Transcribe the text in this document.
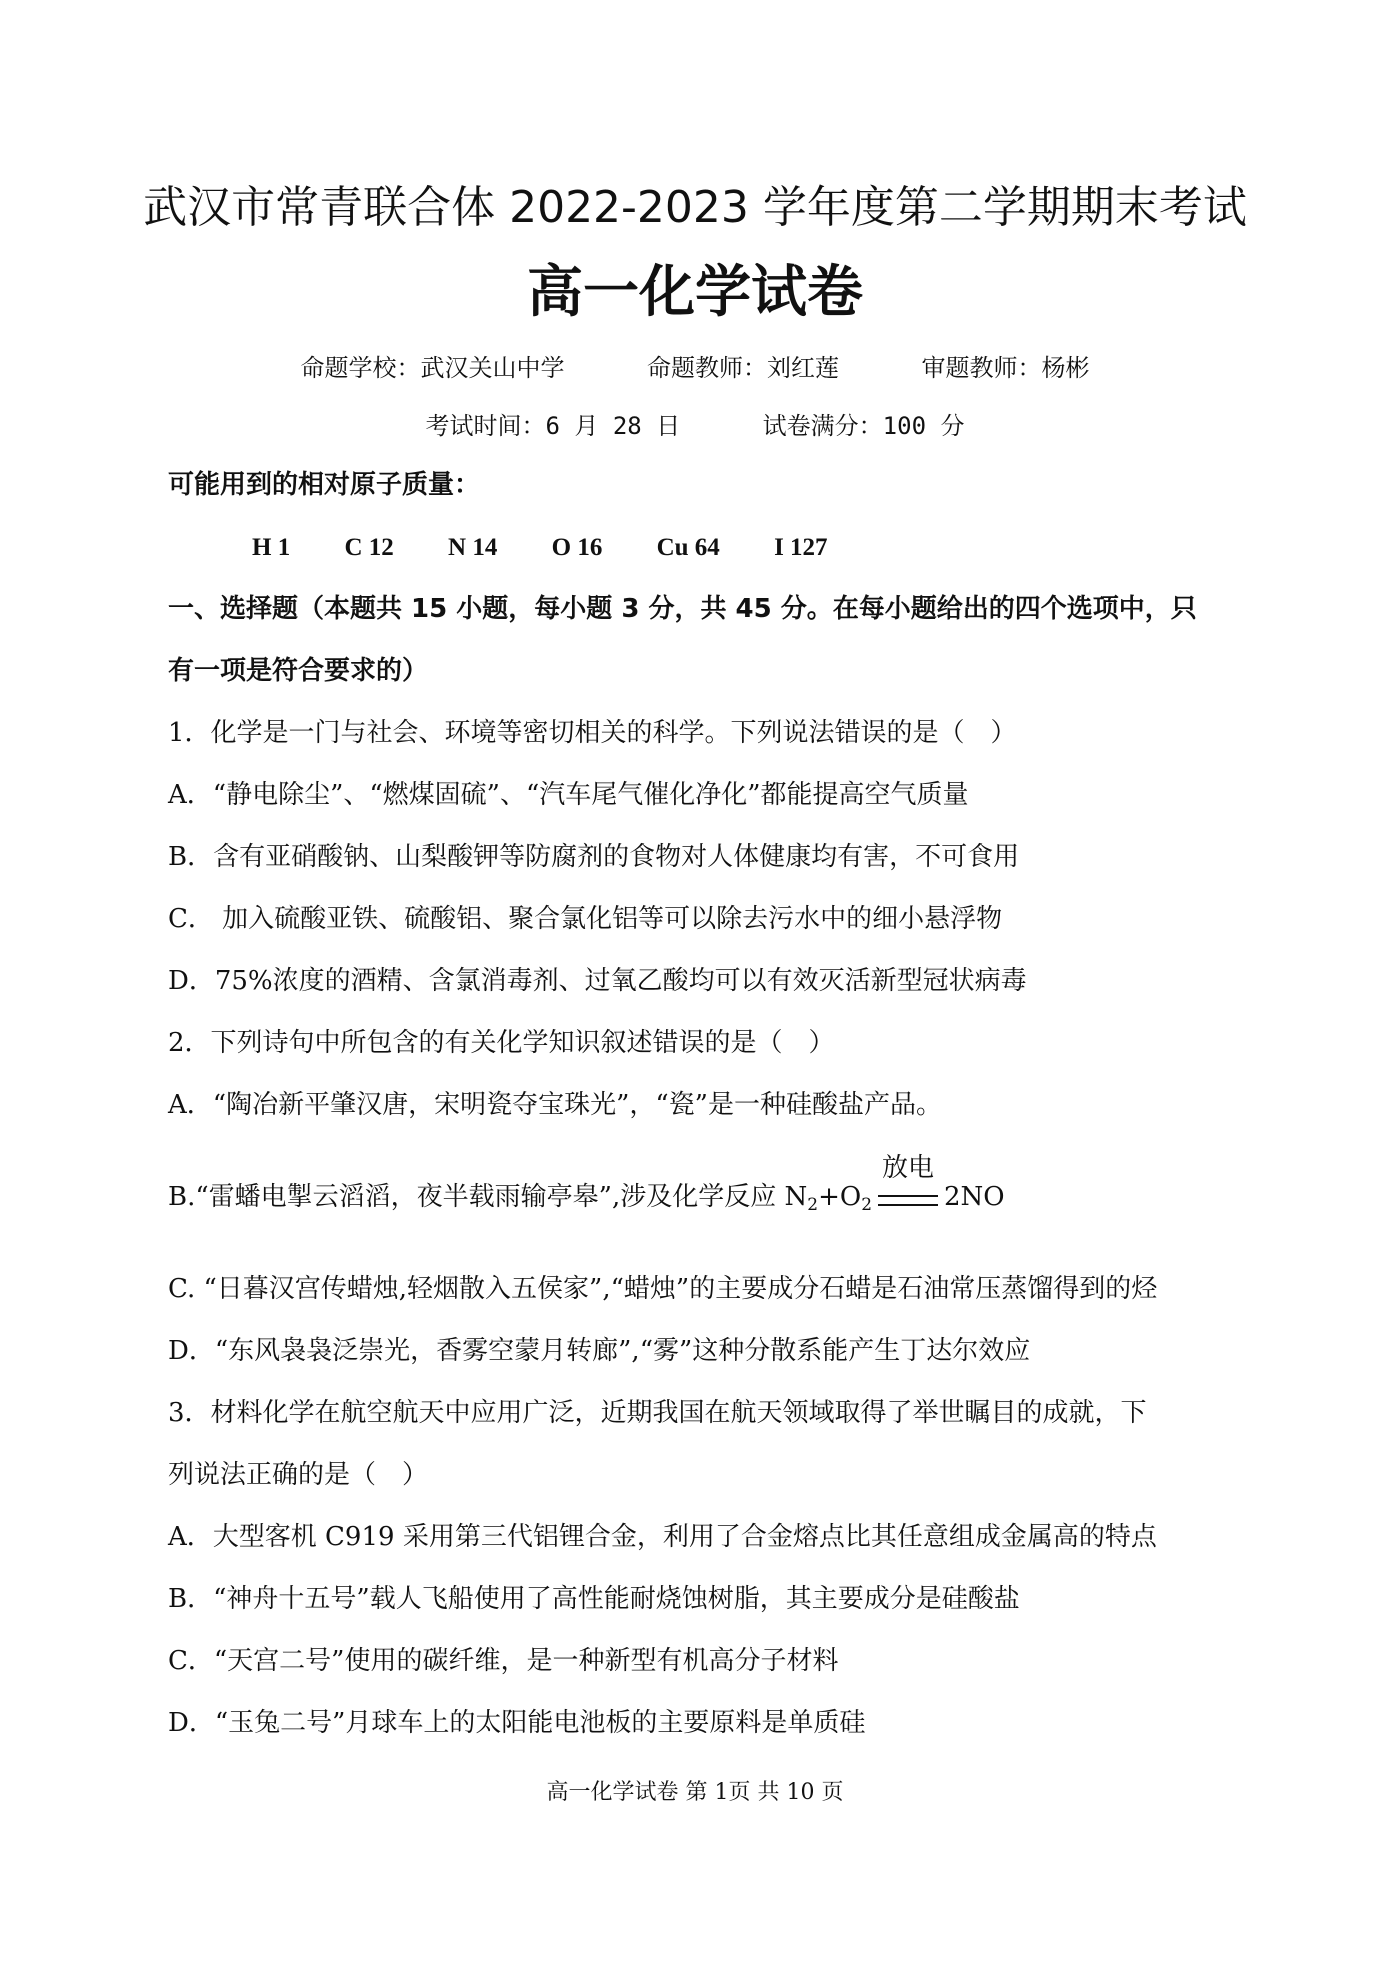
武汉市常青联合体 2022-2023 学年度第二学期期末考试
高一化学试卷
命题学校：武汉关山中学	命题教师：刘红莲	审题教师：杨彬
考试时间：6 月 28 日	试卷满分：100 分
可能用到的相对原子质量：
H 1 C 12 N 14 O 16 Cu 64 I 127
一、选择题（本题共 15 小题，每小题 3 分，共 45 分。在每小题给出的四个选项中，只
有一项是符合要求的）
1．化学是一门与社会、环境等密切相关的科学。下列说法错误的是（　）
A．“静电除尘”、“燃煤固硫”、“汽车尾气催化净化”都能提高空气质量
B．含有亚硝酸钠、山梨酸钾等防腐剂的食物对人体健康均有害，不可食用
C． 加入硫酸亚铁、硫酸铝、聚合氯化铝等可以除去污水中的细小悬浮物
D．75%浓度的酒精、含氯消毒剂、过氧乙酸均可以有效灭活新型冠状病毒
2．下列诗句中所包含的有关化学知识叙述错误的是（　）
A．“陶冶新平肇汉唐，宋明瓷夺宝珠光”，“瓷”是一种硅酸盐产品。
B.“雷蟠电掣云滔滔，夜半载雨输亭皋”,涉及化学反应 $N_2+O_2$
放电
2NO
C. “日暮汉宫传蜡烛,轻烟散入五侯家”,“蜡烛”的主要成分石蜡是石油常压蒸馏得到的烃
D．“东风袅袅泛崇光，香雾空蒙月转廊”,“雾”这种分散系能产生丁达尔效应
3．材料化学在航空航天中应用广泛，近期我国在航天领域取得了举世瞩目的成就，下
列说法正确的是（　）
A．大型客机 C919 采用第三代铝锂合金，利用了合金熔点比其任意组成金属高的特点
B．“神舟十五号”载人飞船使用了高性能耐烧蚀树脂，其主要成分是硅酸盐
C．“天宫二号”使用的碳纤维，是一种新型有机高分子材料
D．“玉兔二号”月球车上的太阳能电池板的主要原料是单质硅
高一化学试卷 第 1页 共 10 页
